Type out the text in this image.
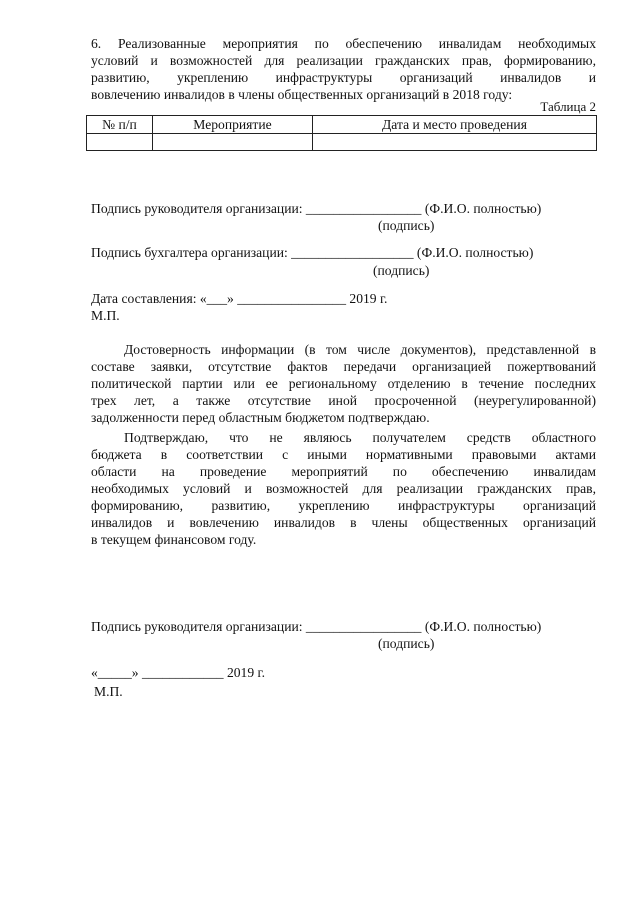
6. Реализованные мероприятия по обеспечению инвалидам необходимых
условий и возможностей для реализации гражданских прав, формированию,
развитию, укреплению инфраструктуры организаций инвалидов и
вовлечению инвалидов в члены общественных организаций в 2018 году:
Таблица 2
№ п/п	Мероприятие	Дата и место проведения

Подпись руководителя организации: _________________ (Ф.И.О. полностью)
(подпись)
Подпись бухгалтера организации: __________________ (Ф.И.О. полностью)
(подпись)
Дата составления: «___» ________________ 2019 г.
М.П.
Достоверность информации (в том числе документов), представленной в
составе заявки, отсутствие фактов передачи организацией пожертвований
политической партии или ее региональному отделению в течение последних
трех лет, а также отсутствие иной просроченной (неурегулированной)
задолженности перед областным бюджетом подтверждаю.
Подтверждаю, что не являюсь получателем средств областного
бюджета в соответствии с иными нормативными правовыми актами
области на проведение мероприятий по обеспечению инвалидам
необходимых условий и возможностей для реализации гражданских прав,
формированию, развитию, укреплению инфраструктуры организаций
инвалидов и вовлечению инвалидов в члены общественных организаций
в текущем финансовом году.
Подпись руководителя организации: _________________ (Ф.И.О. полностью)
(подпись)
«_____» ____________ 2019 г.
М.П.
